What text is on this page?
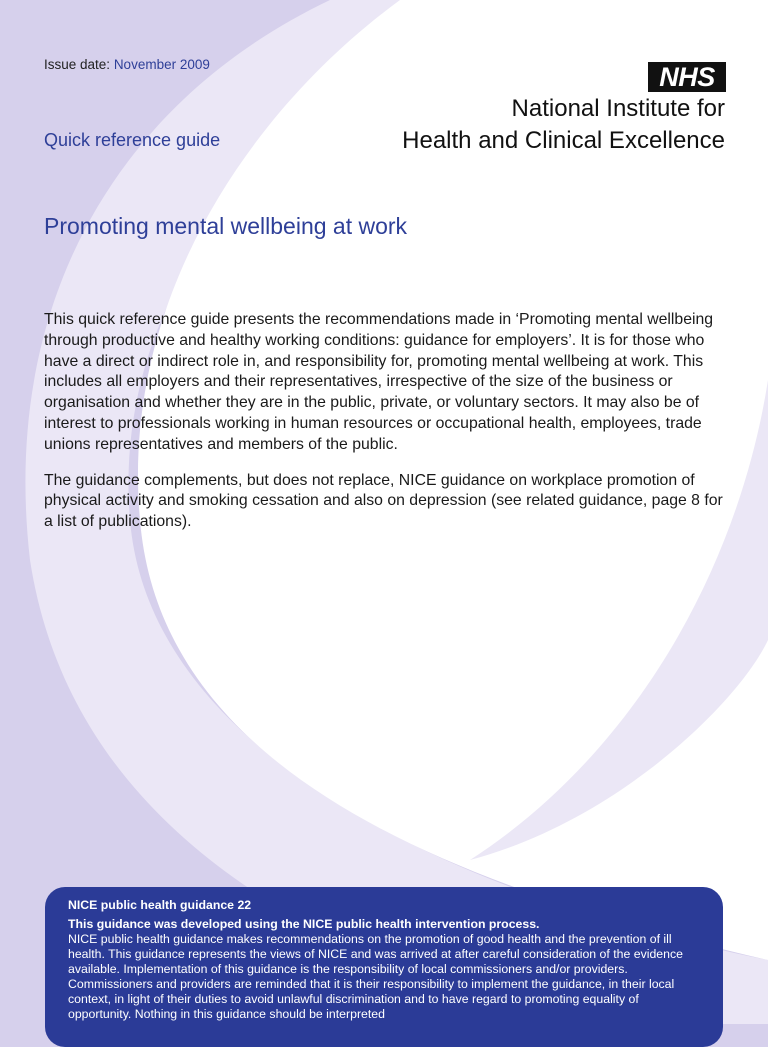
Issue date: November 2009
Quick reference guide
NHS
National Institute for
Health and Clinical Excellence
Promoting mental wellbeing at work

This quick reference guide presents the recommendations made in ‘Promoting mental wellbeing through productive and healthy working conditions: guidance for employers’. It is for those who have a direct or indirect role in, and responsibility for, promoting mental wellbeing at work. This includes all employers and their representatives, irrespective of the size of the business or organisation and whether they are in the public, private, or voluntary sectors. It may also be of interest to professionals working in human resources or occupational health, employees, trade unions representatives and members of the public.

The guidance complements, but does not replace, NICE guidance on workplace promotion of physical activity and smoking cessation and also on depression (see related guidance, page 8 for a list of publications).

NICE public health guidance 22
This guidance was developed using the NICE public health intervention process.
NICE public health guidance makes recommendations on the promotion of good health and the prevention of ill health. This guidance represents the views of NICE and was arrived at after careful consideration of the evidence available. Implementation of this guidance is the responsibility of local commissioners and/or providers. Commissioners and providers are reminded that it is their responsibility to implement the guidance, in their local context, in light of their duties to avoid unlawful discrimination and to have regard to promoting equality of opportunity. Nothing in this guidance should be interpreted
